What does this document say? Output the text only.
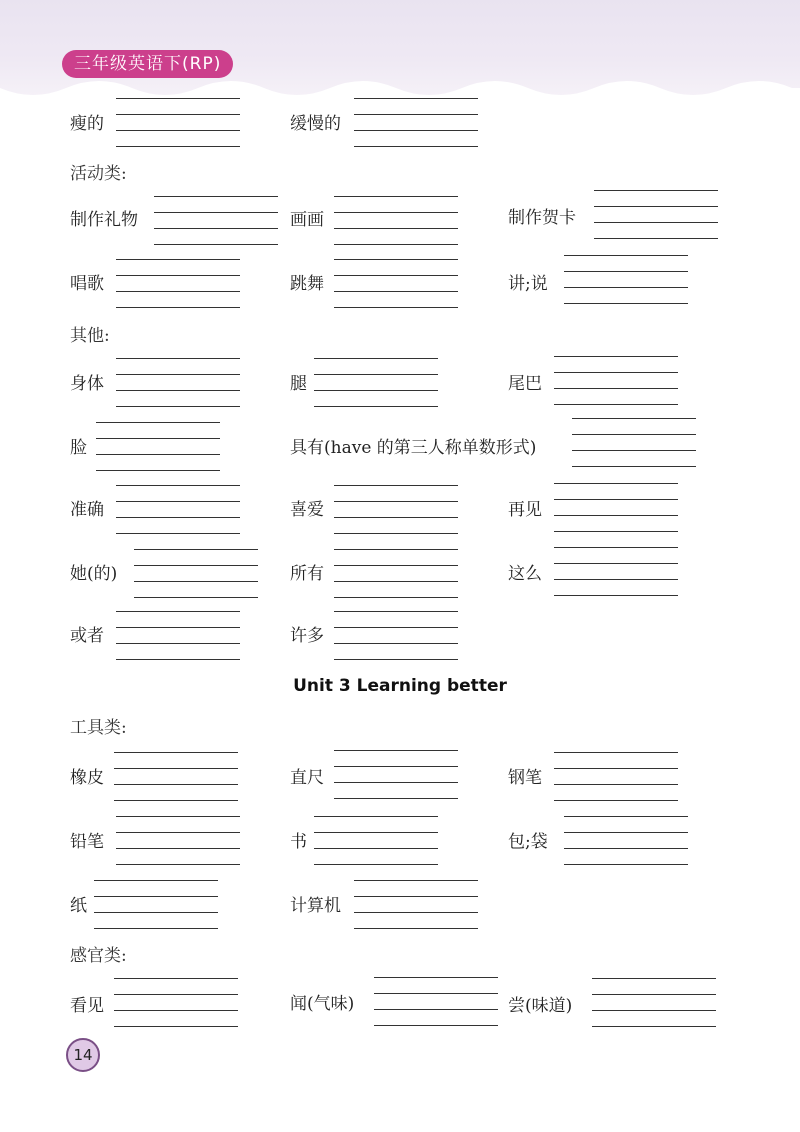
三年级英语下(RP)
瘦的	缓慢的
活动类:
制作礼物	画画	制作贺卡
唱歌	跳舞	讲;说
其他:
身体	腿	尾巴
脸	具有(have 的第三人称单数形式)
准确	喜爱	再见
她(的)	所有	这么
或者	许多
Unit 3 Learning better
工具类:
橡皮	直尺	钢笔
铅笔	书	包;袋
纸	计算机
感官类:
看见	闻(气味)	尝(味道)
14
